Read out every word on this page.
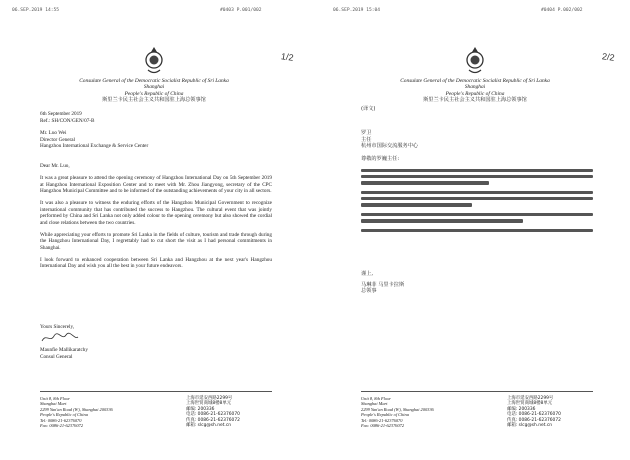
06.SEP.2019 14:55	#0403 P.001/002
1/2
Consulate General of the Democratic Socialist Republic of Sri Lanka
Shanghai
People's Republic of China
斯里兰卡民主社会主义共和国驻上海总领事馆
6th September 2019
Ref.: SH/CON/GEN/07-B
Mr. Luo Wei
Director General
Hangzhou International Exchange & Service Center

Dear Mr. Luo,

It was a great pleasure to attend the opening ceremony of Hangzhou International Day on 5th September 2019 at Hangzhou International Exposition Center and to meet with Mr. Zhou Jiangyong, secretary of the CPC Hangzhou Municipal Committee and to be informed of the outstanding achievements of your city in all sectors.

It was also a pleasure to witness the enduring efforts of the Hangzhou Municipal Government to recognize international community that has contributed the success to Hangzhou. The cultural event that was jointly performed by China and Sri Lanka not only added colour to the opening ceremony but also showed the cordial and close relations between the two countries.

While appreciating your efforts to promote Sri Lanka in the fields of culture, tourism and trade through during the Hangzhou International Day, I regrettably had to cut short the visit as I had personal commitments in Shanghai.

I look forward to enhanced cooperation between Sri Lanka and Hangzhou at the next year's Hangzhou International Day and wish you all the best in your future endeavors.

Yours Sincerely,
Maunfie Mallikaratchy
Consul General
Unit 8, 8th Floor
Shanghai Mart
2299 Yan'an Road (W), Shanghai 200336
People's Republic of China
Tel: 0086-21-62376070
Fax: 0086-21-62376072
上海市延安西路2299号
上海世贸商城8楼8单元
邮编: 200336
电话: 0086-21-62376070
传真: 0086-21-62376072
邮箱: slcg@sh.net.cn
06.SEP.2019 15:04	#0404 P.002/002
2/2
Consulate General of the Democratic Socialist Republic of Sri Lanka
Shanghai
People's Republic of China
斯里兰卡民主社会主义共和国驻上海总领事馆
(译文)
罗卫
主任
杭州市国际交流服务中心
尊敬的罗巍主任:
谨上,
马琳菲 马里卡拉斯
总领事
Unit 8, 8th Floor
Shanghai Mart
2299 Yan'an Road (W), Shanghai 200336
People's Republic of China
Tel: 0086-21-62376070
Fax: 0086-21-62376072
上海市延安西路2299号
上海世贸商城8楼8单元
邮编: 200336
电话: 0086-21-62376070
传真: 0086-21-62376072
邮箱: slcg@sh.net.cn
